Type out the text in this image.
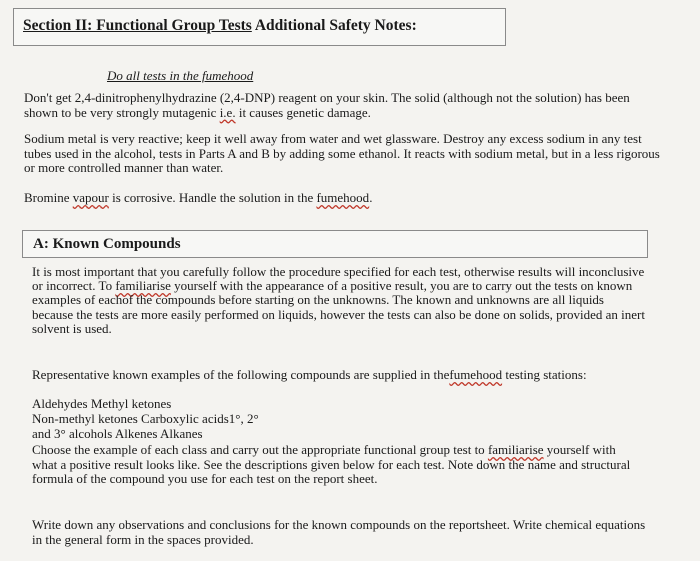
Section II: Functional Group Tests Additional Safety Notes:
Do all tests in the fumehood

Don't get 2,4-dinitrophenylhydrazine (2,4-DNP) reagent on your skin. The solid (although not the solution) has been shown to be very strongly mutagenic i.e. it causes genetic damage.

Sodium metal is very reactive; keep it well away from water and wet glassware. Destroy any excess sodium in any test tubes used in the alcohol, tests in Parts A and B by adding some ethanol. It reacts with sodium metal, but in a less rigorous or more controlled manner than water.

Bromine vapour is corrosive. Handle the solution in the fumehood.

A: Known Compounds

It is most important that you carefully follow the procedure specified for each test, otherwise results will inconclusive or incorrect. To familiarise yourself with the appearance of a positive result, you are to carry out the tests on known examples of eachof the compounds before starting on the unknowns. The known and unknowns are all liquids because the tests are more easily performed on liquids, however the tests can also be done on solids, provided an inert solvent is used.

Representative known examples of the following compounds are supplied in thefumehood testing stations:

Aldehydes Methyl ketones

Non-methyl ketones Carboxylic acids1°, 2°

and 3° alcohols Alkenes Alkanes

Choose the example of each class and carry out the appropriate functional group test to familiarise yourself with what a positive result looks like. See the descriptions given below for each test. Note down the name and structural formula of the compound you use for each test on the report sheet.

Write down any observations and conclusions for the known compounds on the reportsheet. Write chemical equations in the general form in the spaces provided.
